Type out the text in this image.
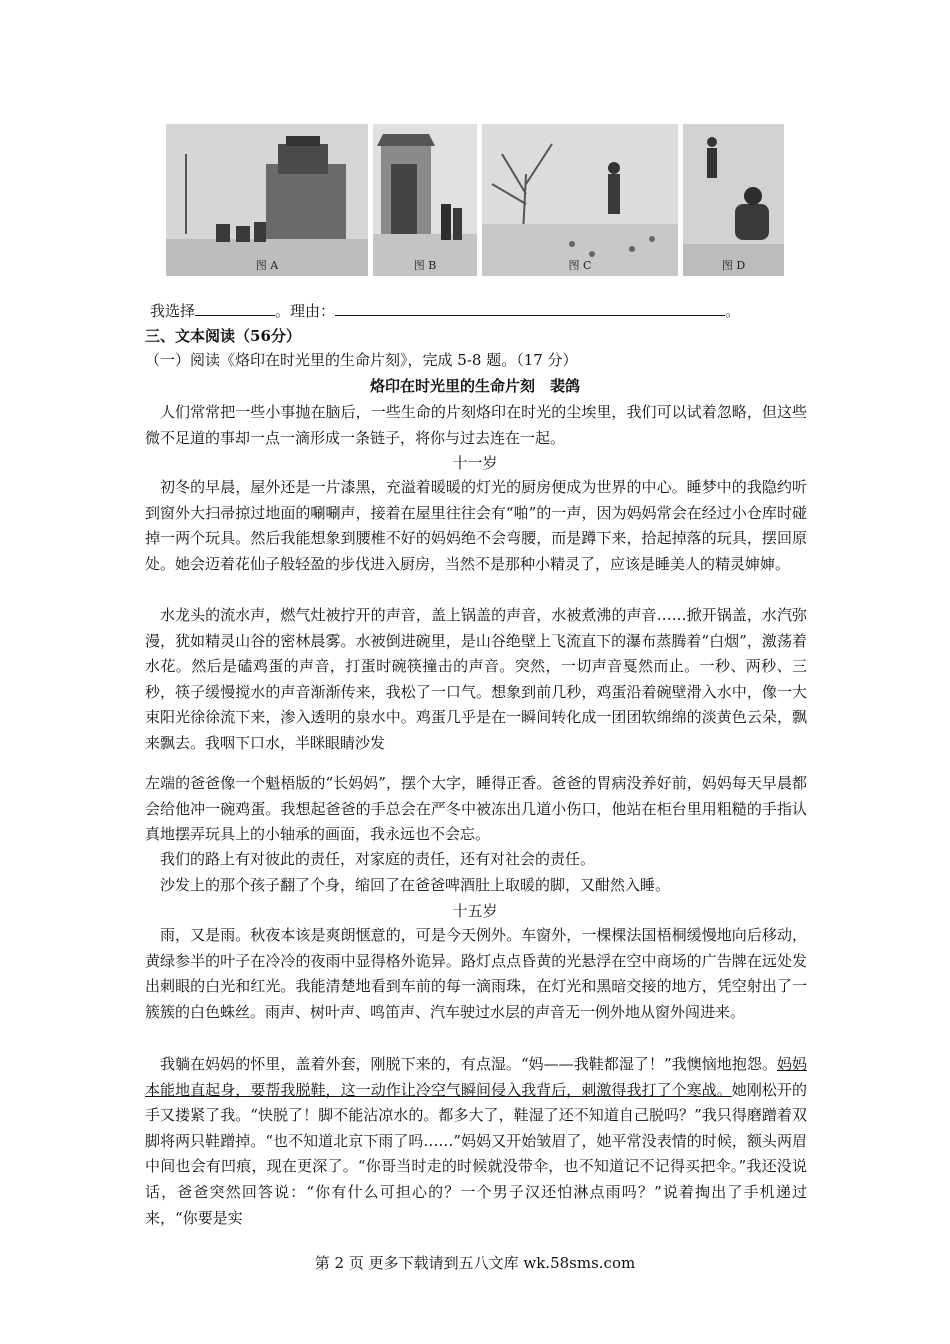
图 A	图 B	图 C	图 D
我选择	。理由：	。
三、文本阅读（56分）
（一）阅读《烙印在时光里的生命片刻》，完成 5-8 题。（17 分）
烙印在时光里的生命片刻　裴鸽

人们常常把一些小事抛在脑后，一些生命的片刻烙印在时光的尘埃里，我们可以试着忽略，但这些微不足道的事却一点一滴形成一条链子，将你与过去连在一起。

十一岁

初冬的早晨，屋外还是一片漆黑，充溢着暖暖的灯光的厨房便成为世界的中心。睡梦中的我隐约听到窗外大扫帚掠过地面的唰唰声，接着在屋里往往会有“啪”的一声，因为妈妈常会在经过小仓库时碰掉一两个玩具。然后我能想象到腰椎不好的妈妈绝不会弯腰，而是蹲下来，拾起掉落的玩具，摆回原处。她会迈着花仙子般轻盈的步伐进入厨房，当然不是那种小精灵了，应该是睡美人的精灵婶婶。

水龙头的流水声，燃气灶被拧开的声音，盖上锅盖的声音，水被煮沸的声音……掀开锅盖，水汽弥漫，犹如精灵山谷的密林晨雾。水被倒进碗里，是山谷绝壁上飞流直下的瀑布蒸腾着“白烟”，激荡着水花。然后是磕鸡蛋的声音，打蛋时碗筷撞击的声音。突然，一切声音戛然而止。一秒、两秒、三秒，筷子缓慢搅水的声音渐渐传来，我松了一口气。想象到前几秒，鸡蛋沿着碗壁滑入水中，像一大束阳光徐徐流下来，渗入透明的泉水中。鸡蛋几乎是在一瞬间转化成一团团软绵绵的淡黄色云朵，飘来飘去。我咽下口水，半眯眼睛沙发

左端的爸爸像一个魁梧版的“长妈妈”，摆个大字，睡得正香。爸爸的胃病没养好前，妈妈每天早晨都会给他冲一碗鸡蛋。我想起爸爸的手总会在严冬中被冻出几道小伤口，他站在柜台里用粗糙的手指认真地摆弄玩具上的小轴承的画面，我永远也不会忘。

我们的路上有对彼此的责任，对家庭的责任，还有对社会的责任。

沙发上的那个孩子翻了个身，缩回了在爸爸啤酒肚上取暖的脚，又酣然入睡。

十五岁

雨，又是雨。秋夜本该是爽朗惬意的，可是今天例外。车窗外，一棵棵法国梧桐缓慢地向后移动，黄绿参半的叶子在冷冷的夜雨中显得格外诡异。路灯点点昏黄的光悬浮在空中商场的广告牌在远处发出刺眼的白光和红光。我能清楚地看到车前的每一滴雨珠，在灯光和黑暗交接的地方，凭空射出了一簇簇的白色蛛丝。雨声、树叶声、鸣笛声、汽车驶过水层的声音无一例外地从窗外闯进来。

我躺在妈妈的怀里，盖着外套，刚脱下来的，有点湿。“妈——我鞋都湿了！”我懊恼地抱怨。妈妈本能地直起身，要帮我脱鞋，这一动作让冷空气瞬间侵入我背后，刺激得我打了个寒战。她刚松开的手又搂紧了我。“快脱了！脚不能沾凉水的。都多大了，鞋湿了还不知道自己脱吗？”我只得磨蹭着双脚将两只鞋蹭掉。“也不知道北京下雨了吗……”妈妈又开始皱眉了，她平常没表情的时候，额头两眉中间也会有凹痕，现在更深了。“你哥当时走的时候就没带伞，也不知道记不记得买把伞。”我还没说话，爸爸突然回答说：“你有什么可担心的？一个男子汉还怕淋点雨吗？”说着掏出了手机递过来，“你要是实

第 2 页 更多下载请到五八文库 wk.58sms.com
